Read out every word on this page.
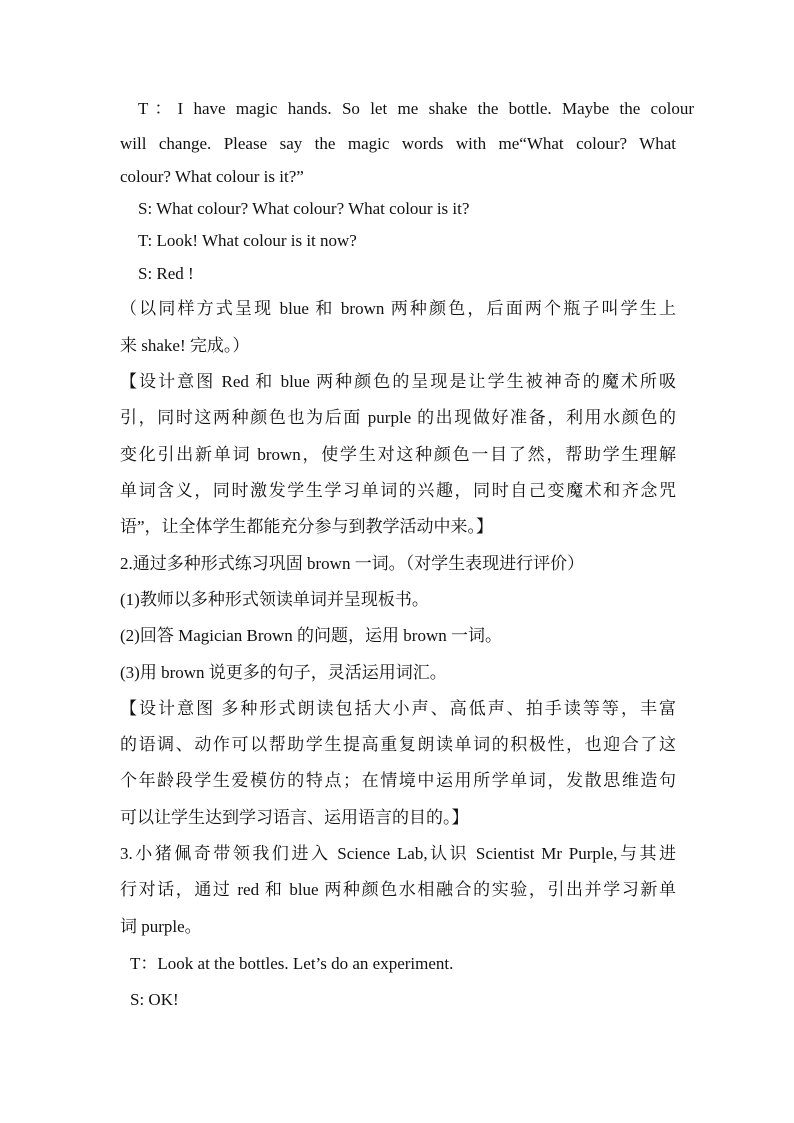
T：I have magic hands. So let me shake the bottle. Maybe the colour
will change. Please say the magic words with me“What colour? What
colour? What colour is it?”
S: What colour? What colour? What colour is it?
T: Look! What colour is it now?
S: Red !
（以同样方式呈现 blue 和 brown 两种颜色，后面两个瓶子叫学生上
来 shake! 完成。）
【设计意图 Red 和 blue 两种颜色的呈现是让学生被神奇的魔术所吸
引，同时这两种颜色也为后面 purple 的出现做好准备，利用水颜色的
变化引出新单词 brown，使学生对这种颜色一目了然，帮助学生理解
单词含义，同时激发学生学习单词的兴趣，同时自己变魔术和齐念咒
语”，让全体学生都能充分参与到教学活动中来。】
2.通过多种形式练习巩固 brown 一词。（对学生表现进行评价）
(1)教师以多种形式领读单词并呈现板书。
(2)回答 Magician Brown 的问题，运用 brown 一词。
(3)用 brown 说更多的句子，灵活运用词汇。
【设计意图 多种形式朗读包括大小声、高低声、拍手读等等，丰富
的语调、动作可以帮助学生提高重复朗读单词的积极性，也迎合了这
个年龄段学生爱模仿的特点；在情境中运用所学单词，发散思维造句
可以让学生达到学习语言、运用语言的目的。】
3.小猪佩奇带领我们进入 Science Lab,认识 Scientist Mr Purple,与其进
行对话，通过 red 和 blue 两种颜色水相融合的实验，引出并学习新单
词 purple。
T：Look at the bottles. Let’s do an experiment.
S: OK!
